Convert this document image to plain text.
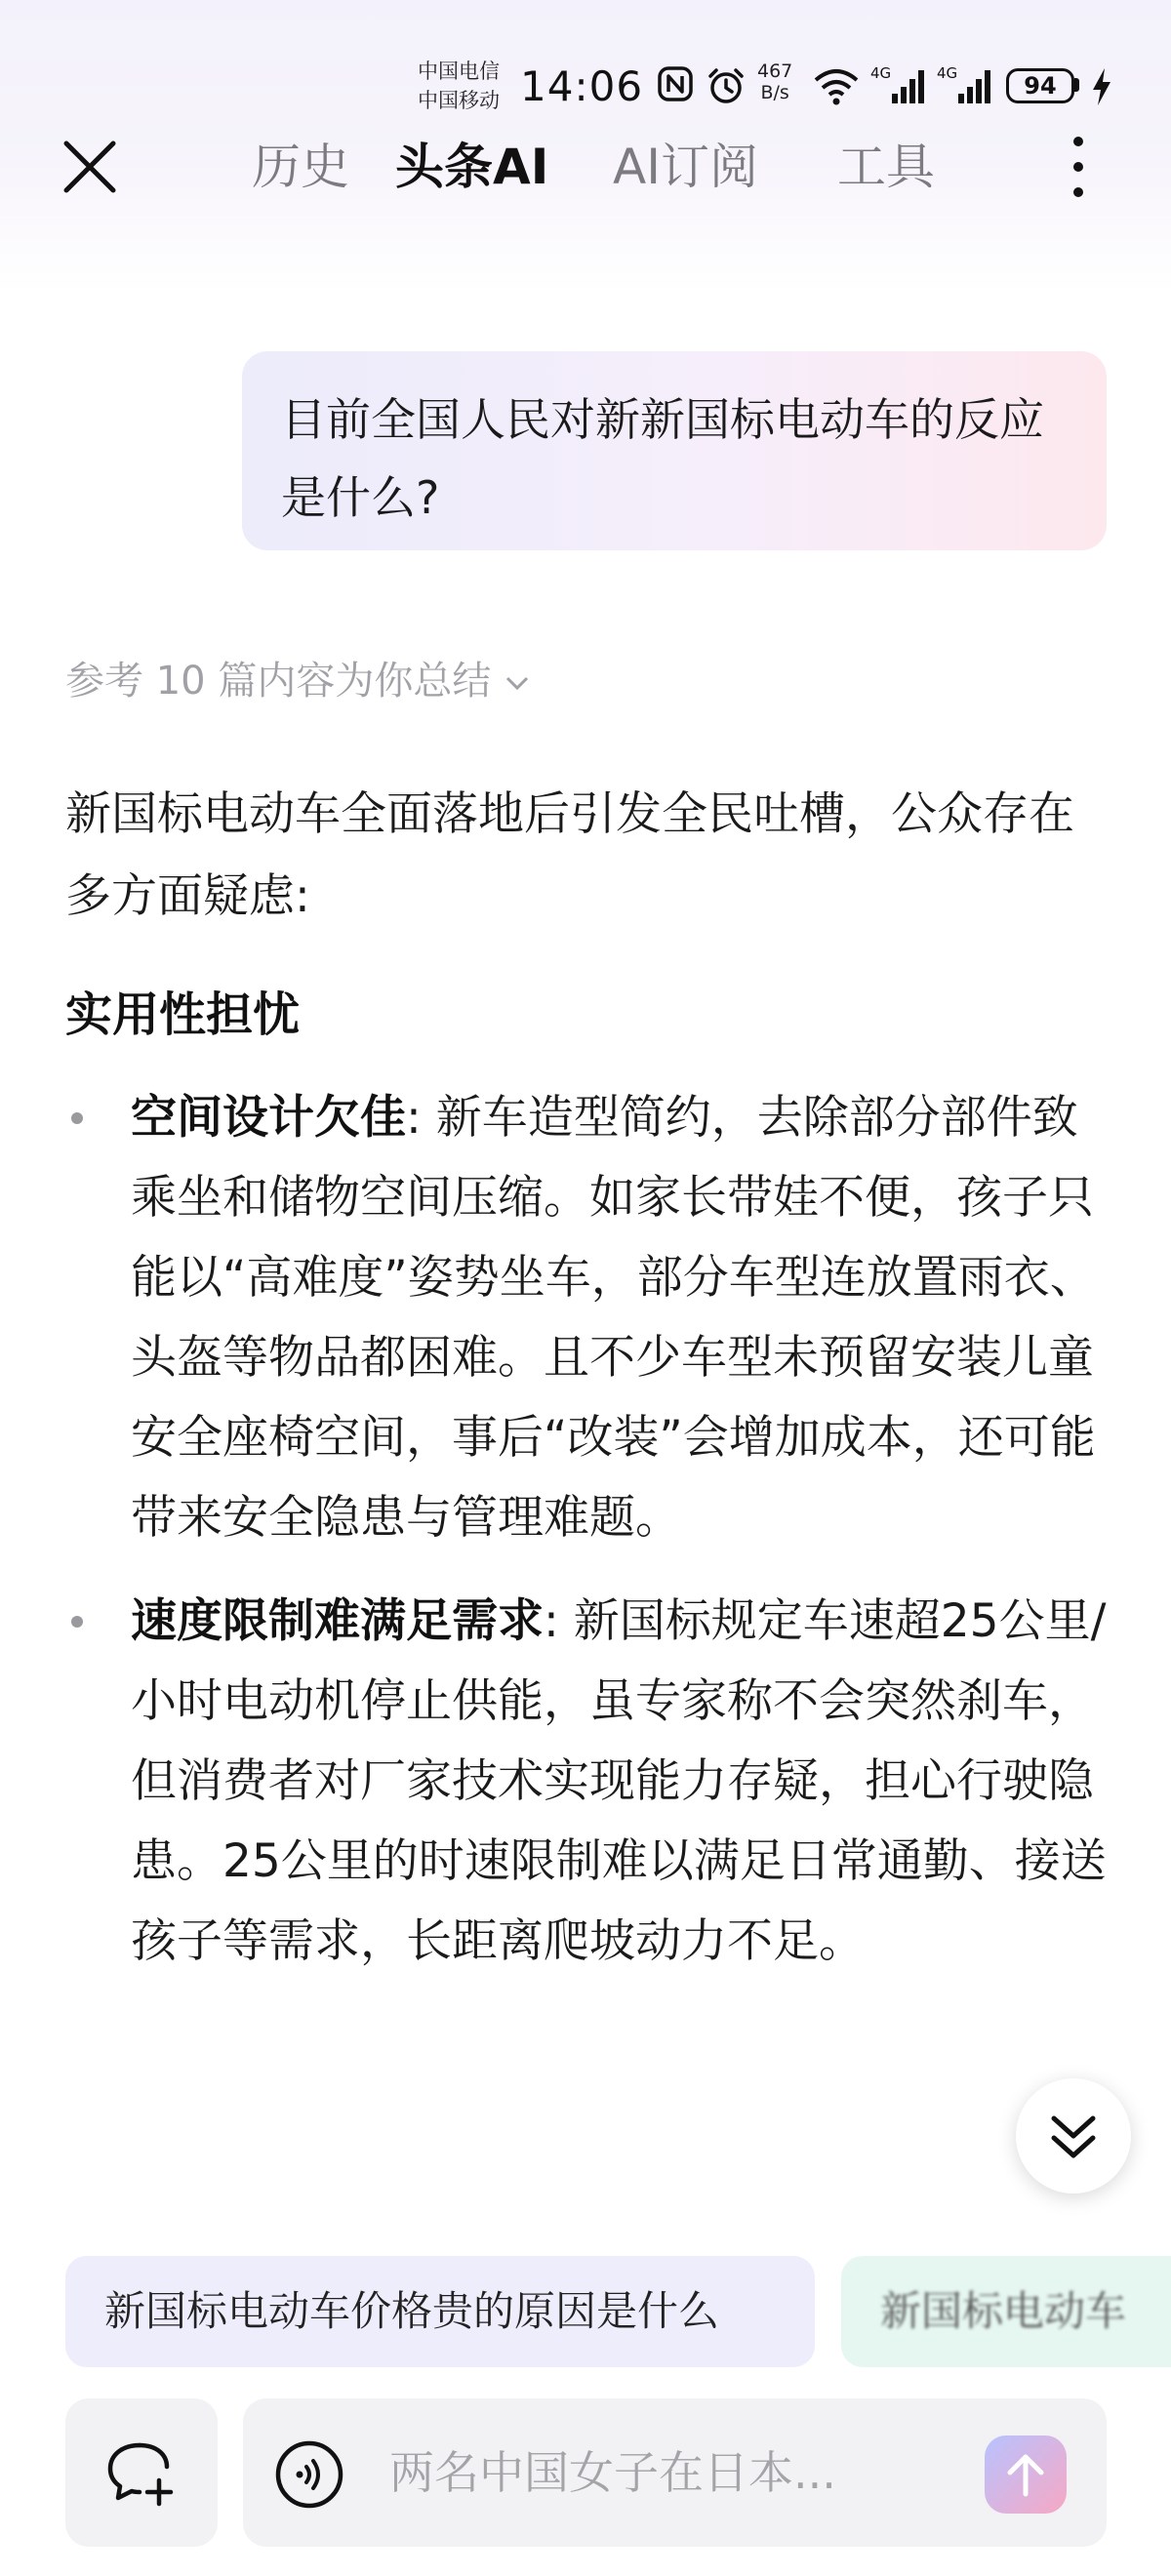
中国电信
中国移动 14:06	467
B/s
4G	4G	94
历史 头条AI AI订阅 工具
目前全国人民对新新国标电动车的反应是什么?
参考 10 篇内容为你总结
新国标电动车全面落地后引发全民吐槽，公众存在多方面疑虑:
实用性担忧
空间设计欠佳: 新车造型简约，去除部分部件致乘坐和储物空间压缩。如家长带娃不便，孩子只能以“高难度”姿势坐车，部分车型连放置雨衣、头盔等物品都困难。且不少车型未预留安装儿童安全座椅空间，事后“改装”会增加成本，还可能带来安全隐患与管理难题。
速度限制难满足需求: 新国标规定车速超25公里/小时电动机停止供能，虽专家称不会突然刹车，但消费者对厂家技术实现能力存疑，担心行驶隐患。25公里的时速限制难以满足日常通勤、接送孩子等需求，长距离爬坡动力不足。
新国标电动车价格贵的原因是什么	新国标电动车
两名中国女子在日本...
